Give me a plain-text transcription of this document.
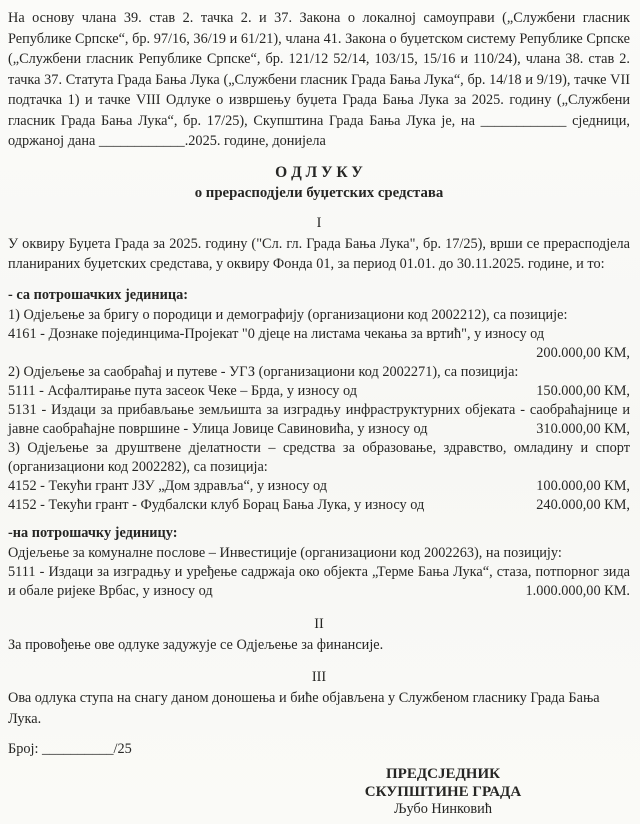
На основу члана 39. став 2. тачка 2. и 37. Закона о локалној самоуправи („Службени гласник Републике Српске“, бр. 97/16, 36/19 и 61/21), члана 41. Закона о буџетском систему Републике Српске („Службени гласник Републике Српске“, бр. 121/12 52/14, 103/15, 15/16 и 110/24), члана 38. став 2. тачка 37. Статута Града Бања Лука („Службени гласник Града Бања Лука“, бр. 14/18 и 9/19), тачке VII подтачка 1) и тачке VIII Одлуке о извршењу буџета Града Бања Лука за 2025. годину („Службени гласник Града Бања Лука“, бр. 17/25), Скупштина Града Бања Лука је, на ____________ сједници, одржаној дана ____________.2025. године, донијела

О Д Л У К У
о прерасподјели буџетских средстава
I

У оквиру Буџета Града за 2025. годину ("Сл. гл. Града Бања Лука", бр. 17/25), врши се прерасподјела планираних буџетских средстава, у оквиру Фонда 01, за период 01.01. до 30.11.2025. године, и то:

- са потрошачких јединица:
1) Одјељење за бригу о породици и демографију (организациони код 2002212), са позиције:
4161 - Дознаке појединцима-Пројекат "0 дјеце на листама чекања за вртић", у износу од
200.000,00 КМ,
2) Одјељење за саобраћај и путеве - УГЗ (организациони код 2002271), са позиција:
5111 - Асфалтирање пута засеок Чеке – Брда, у износу од	150.000,00 КМ,
5131 - Издаци за прибављање земљишта за изградњу инфраструктурних објеката - саобраћајнице и јавне саобраћајне површине - Улица Јовице Савиновића, у износу од	310.000,00 КМ,
3) Одјељење за друштвене дјелатности – средства за образовање, здравство, омладину и спорт (организациони код 2002282), са позиција:
4152 - Текући грант ЈЗУ „Дом здравља“, у износу од	100.000,00 КМ,
4152 - Текући грант - Фудбалски клуб Борац Бања Лука, у износу од	240.000,00 КМ,
-на потрошачку јединицу:
Одјељење за комуналне послове – Инвестиције (организациони код 2002263), на позицију:
5111 - Издаци за изградњу и уређење садржаја око објекта „Терме Бања Лука“, стаза, потпорног зида и обале ријеке Врбас, у износу од	1.000.000,00 КМ.
II

За провођење ове одлуке задужује се Одјељење за финансије.

III

Ова одлука ступа на снагу даном доношења и биће објављена у Службеном гласнику Града Бања Лука.

Број: __________/25
ПРЕДСЈЕДНИК
СКУПШТИНЕ ГРАДА
Љубо Нинковић
